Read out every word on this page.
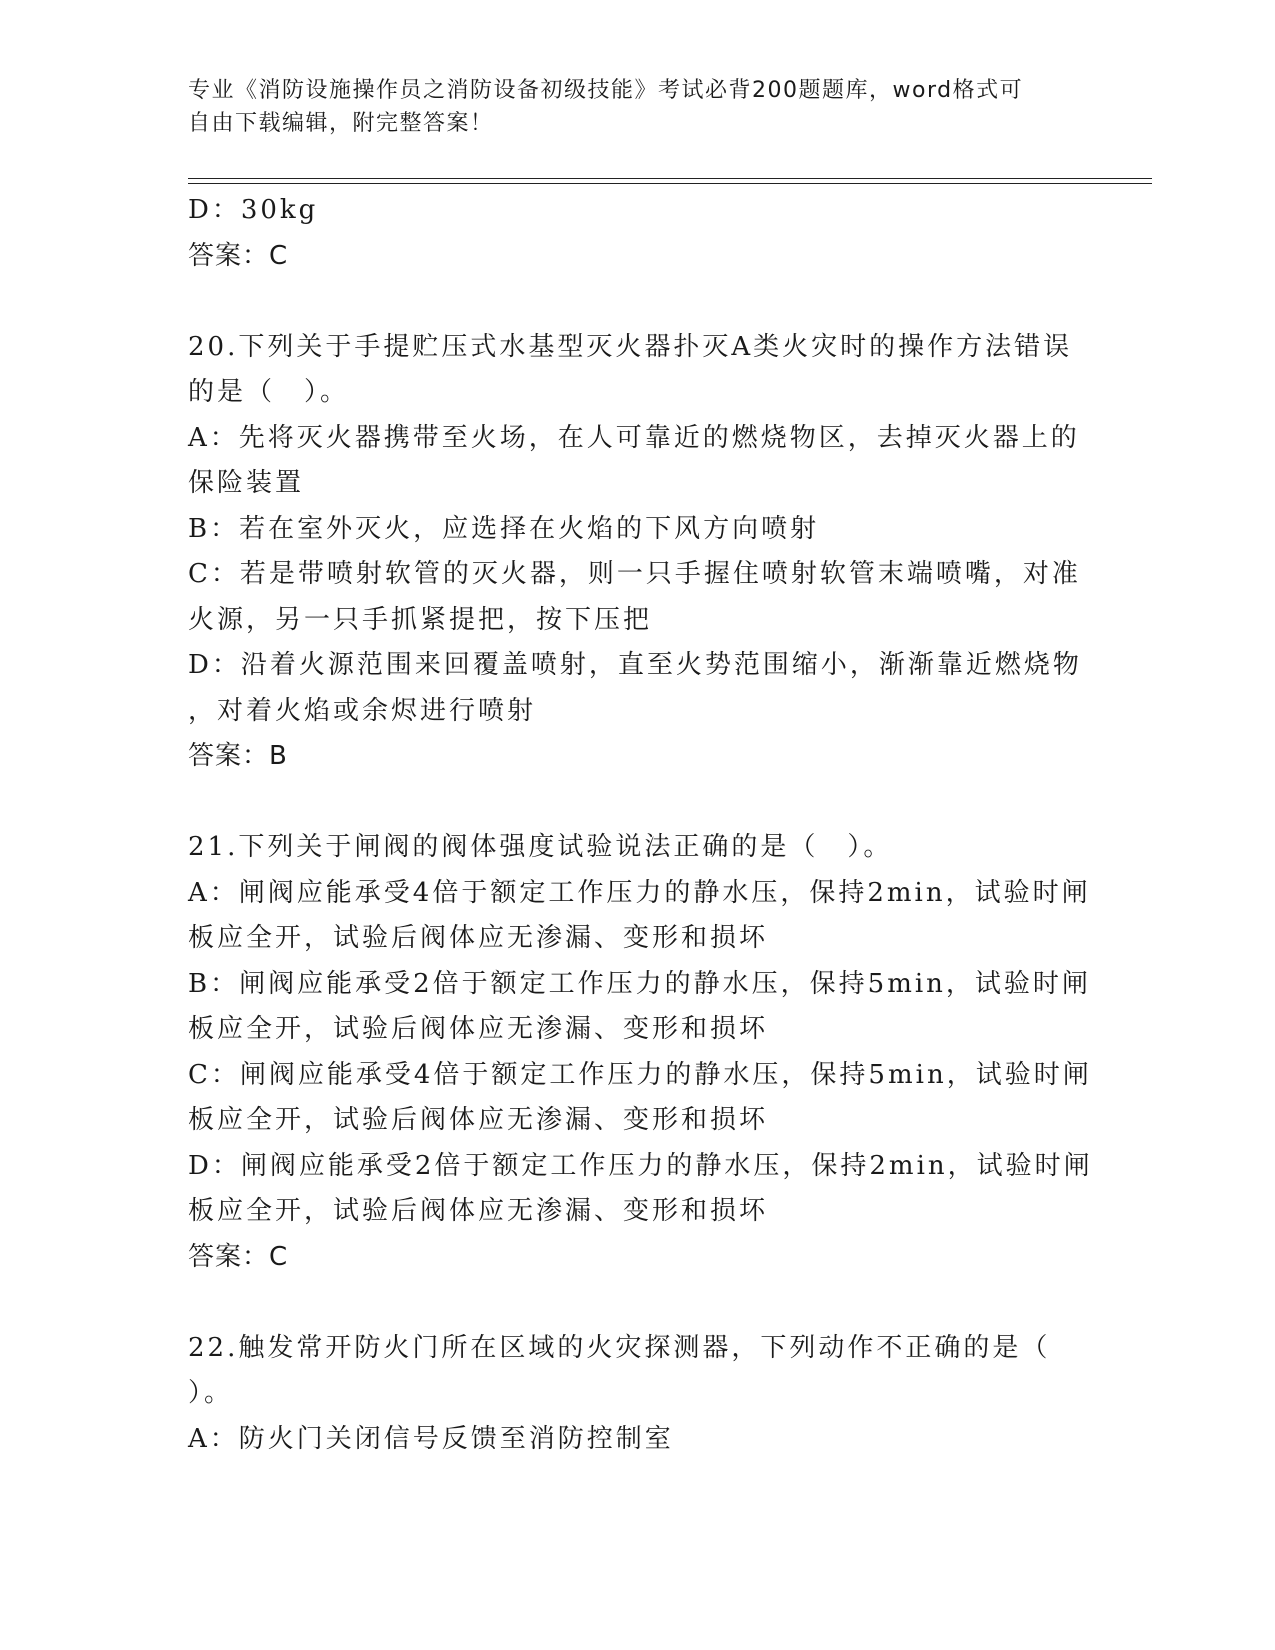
专业《消防设施操作员之消防设备初级技能》考试必背200题题库，word格式可
自由下载编辑，附完整答案！
D：30kg
答案：C
20.下列关于手提贮压式水基型灭火器扑灭A类火灾时的操作方法错误
的是（　）。
A：先将灭火器携带至火场，在人可靠近的燃烧物区，去掉灭火器上的
保险装置
B：若在室外灭火，应选择在火焰的下风方向喷射
C：若是带喷射软管的灭火器，则一只手握住喷射软管末端喷嘴，对准
火源，另一只手抓紧提把，按下压把
D：沿着火源范围来回覆盖喷射，直至火势范围缩小，渐渐靠近燃烧物
，对着火焰或余烬进行喷射
答案：B
21.下列关于闸阀的阀体强度试验说法正确的是（　）。
A：闸阀应能承受4倍于额定工作压力的静水压，保持2min，试验时闸
板应全开，试验后阀体应无渗漏、变形和损坏
B：闸阀应能承受2倍于额定工作压力的静水压，保持5min，试验时闸
板应全开，试验后阀体应无渗漏、变形和损坏
C：闸阀应能承受4倍于额定工作压力的静水压，保持5min，试验时闸
板应全开，试验后阀体应无渗漏、变形和损坏
D：闸阀应能承受2倍于额定工作压力的静水压，保持2min，试验时闸
板应全开，试验后阀体应无渗漏、变形和损坏
答案：C
22.触发常开防火门所在区域的火灾探测器，下列动作不正确的是（
）。
A：防火门关闭信号反馈至消防控制室
